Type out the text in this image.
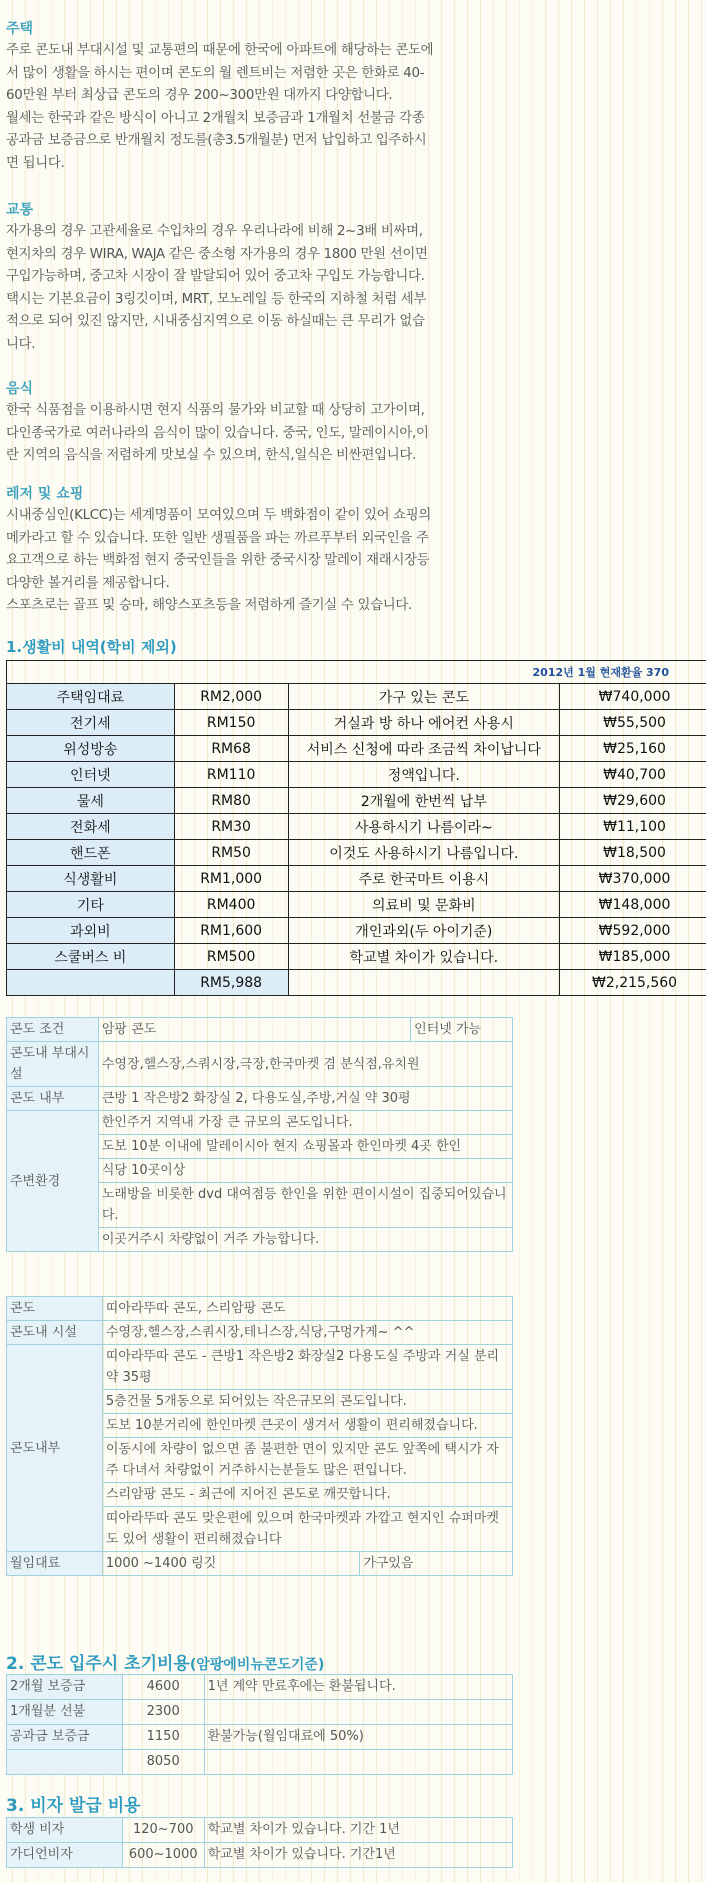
주택

주로 콘도내 부대시설 및 교통편의 때문에 한국에 아파트에 해당하는 콘도에

서 많이 생활을 하시는 편이며 콘도의 월 렌트비는 저렴한 곳은 한화로 40-

60만원 부터 최상급 콘도의 경우 200~300만원 대까지 다양합니다.

월세는 한국과 같은 방식이 아니고 2개월치 보증금과 1개월치 선불금 각종

공과금 보증금으로 반개월치 정도를(총3.5개월분) 먼저 납입하고 입주하시

면 됩니다.

교통

자가용의 경우 고관세율로 수입차의 경우 우리나라에 비해 2~3배 비싸며,

현지차의 경우 WIRA, WAJA 같은 중소형 자가용의 경우 1800 만원 선이면

구입가능하며, 중고차 시장이 잘 발달되어 있어 중고차 구입도 가능합니다.

택시는 기본요금이 3링깃이며, MRT, 모노레일 등 한국의 지하철 처럼 세부

적으로 되어 있진 않지만, 시내중심지역으로 이동 하실때는 큰 무리가 없습

니다.

음식

한국 식품점을 이용하시면 현지 식품의 물가와 비교할 때 상당히 고가이며,

다인종국가로 여러나라의 음식이 많이 있습니다. 중국, 인도, 말레이시아,이

란 지역의 음식을 저렴하게 맛보실 수 있으며, 한식,일식은 비싼편입니다.

레저 및 쇼핑

시내중심인(KLCC)는 세계명품이 모여있으며 두 백화점이 같이 있어 쇼핑의

메카라고 할 수 있습니다. 또한 일반 생필품을 파는 까르푸부터 외국인을 주

요고객으로 하는 백화점 현지 중국인들을 위한 중국시장 말레이 재래시장등

다양한 볼거리를 제공합니다.

스포츠로는 골프 및 승마, 해양스포츠등을 저렴하게 즐기실 수 있습니다.

1.생활비 내역(학비 제외)
2012년 1월 현재환율 370			
주택임대료	RM2,000	가구 있는 콘도	₩740,000
전기세	RM150	거실과 방 하나 에어컨 사용시	₩55,500
위성방송	RM68	서비스 신청에 따라 조금씩 차이납니다	₩25,160
인터넷	RM110	정액입니다.	₩40,700
물세	RM80	2개월에 한번씩 납부	₩29,600
전화세	RM30	사용하시기 나름이라~	₩11,100
핸드폰	RM50	이것도 사용하시기 나름입니다.	₩18,500
식생활비	RM1,000	주로 한국마트 이용시	₩370,000
기타	RM400	의료비 및 문화비	₩148,000
과외비	RM1,600	개인과외(두 아이기준)	₩592,000
스쿨버스 비	RM500	학교별 차이가 있습니다.	₩185,000
	RM5,988		₩2,215,560
콘도 조건	암팡 콘도	인터넷 가능
콘도내 부대시설	수영장,헬스장,스쿼시장,극장,한국마켓 겸 분식점,유치원	
콘도 내부	큰방 1 작은방2 화장실 2, 다용도실,주방,거실 약 30평	
주변환경	한인주거 지역내 가장 큰 규모의 콘도입니다.	
	도보 10분 이내에 말레이시아 현지 쇼핑몰과 한인마켓 4곳 한인	
	식당 10곳이상	
	노래방을 비롯한 dvd 대여점등 한인을 위한 편이시설이 집중되어있습니다.	
	이곳거주시 차량없이 거주 가능합니다.	
콘도	띠아라뚜따 콘도, 스리암팡 콘도	
콘도내 시설	수영장,헬스장,스쿼시장,테니스장,식당,구멍가게~ ^^	
콘도내부	띠아라뚜따 콘도 - 큰방1 작은방2 화장실2 다용도실 주방과 거실 분리 약 35평	
	5층건물 5개동으로 되어있는 작은규모의 콘도입니다.	
	도보 10분거리에 한인마켓 큰곳이 생겨서 생활이 편리해졌습니다.	
	이동시에 차량이 없으면 좀 불편한 면이 있지만 콘도 앞쪽에 택시가 자주 다녀서 차량없이 거주하시는분들도 많은 편입니다.	
	스리암팡 콘도 - 최근에 지어진 콘도로 깨끗합니다.	
	띠아라뚜따 콘도 맞은편에 있으며 한국마켓과 가깝고 현지인 슈퍼마켓도 있어 생활이 편리해졌습니다	
월임대료	1000 ~1400 링깃	가구있음
2. 콘도 입주시 초기비용(암팡에비뉴콘도기준)
2개월 보증금	4600	1년 계약 만료후에는 환불됩니다.
1개월분 선불	2300	
공과금 보증금	1150	환불가능(월임대료에 50%)
	8050	
3. 비자 발급 비용
학생 비자	120~700	학교별 차이가 있습니다. 기간 1년
가디언비자	600~1000	학교별 차이가 있습니다. 기간1년
